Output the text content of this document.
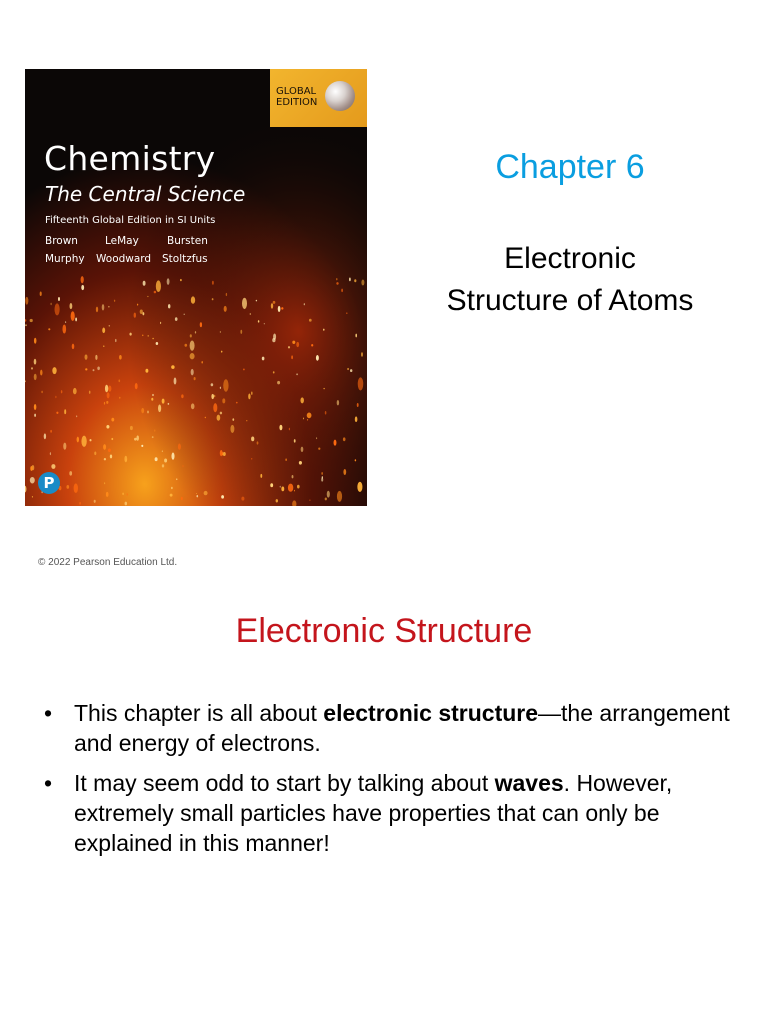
GLOBAL
EDITION
Chemistry
The Central Science
Fifteenth Global Edition in SI Units
Brown	LeMay	Bursten
Murphy Woodward Stoltzfus
P
Chapter 6
Electronic
Structure of Atoms
© 2022 Pearson Education Ltd.
Electronic Structure
• This chapter is all about electronic structure—the arrangement and energy of electrons.
• It may seem odd to start by talking about waves. However, extremely small particles have properties that can only be explained in this manner!
